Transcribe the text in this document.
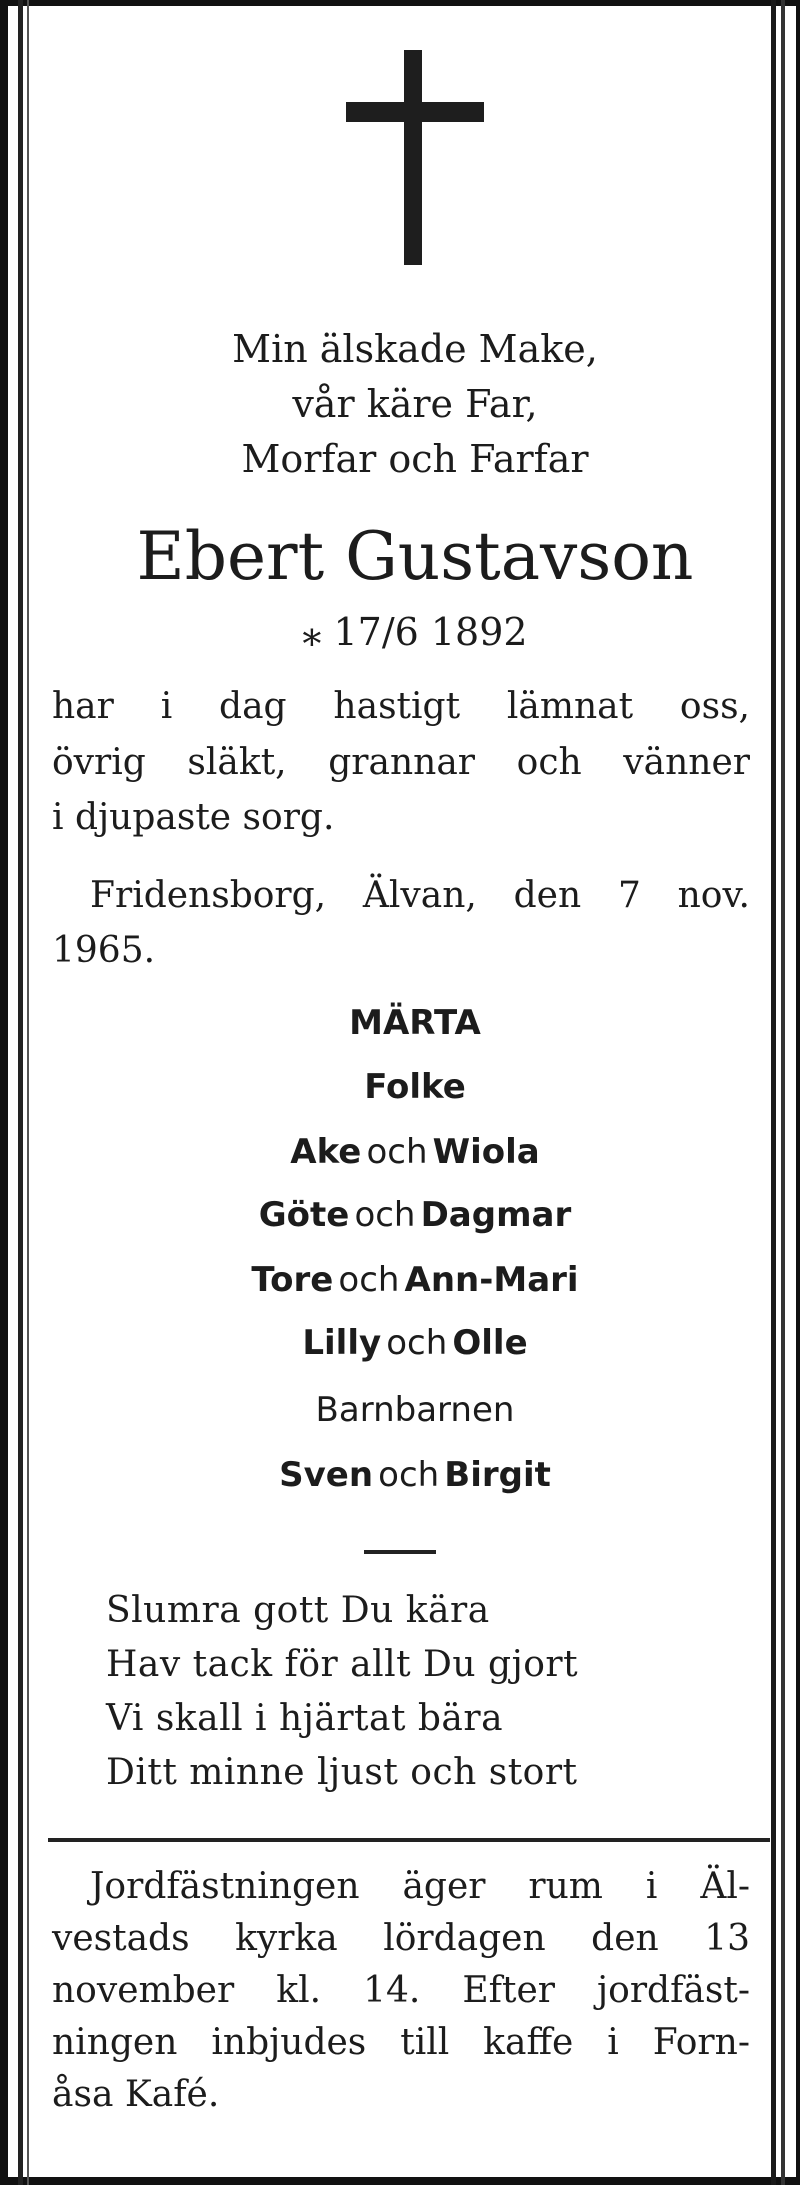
Min älskade Make,
vår käre Far,
Morfar och Farfar
Ebert Gustavson
⁎ 17/6 1892
har i dag hastigt lämnat oss,
övrig släkt, grannar och vänner
i djupaste sorg.
Fridensborg, Älvan, den 7 nov.
1965.
MÄRTA
Folke
Ake och Wiola
Göte och Dagmar
Tore och Ann-Mari
Lilly och Olle
Barnbarnen
Sven och Birgit
Slumra gott Du kära
Hav tack för allt Du gjort
Vi skall i hjärtat bära
Ditt minne ljust och stort
Jordfästningen äger rum i Äl-
vestads kyrka lördagen den 13
november kl. 14. Efter jordfäst-
ningen inbjudes till kaffe i Forn-
åsa Kafé.
